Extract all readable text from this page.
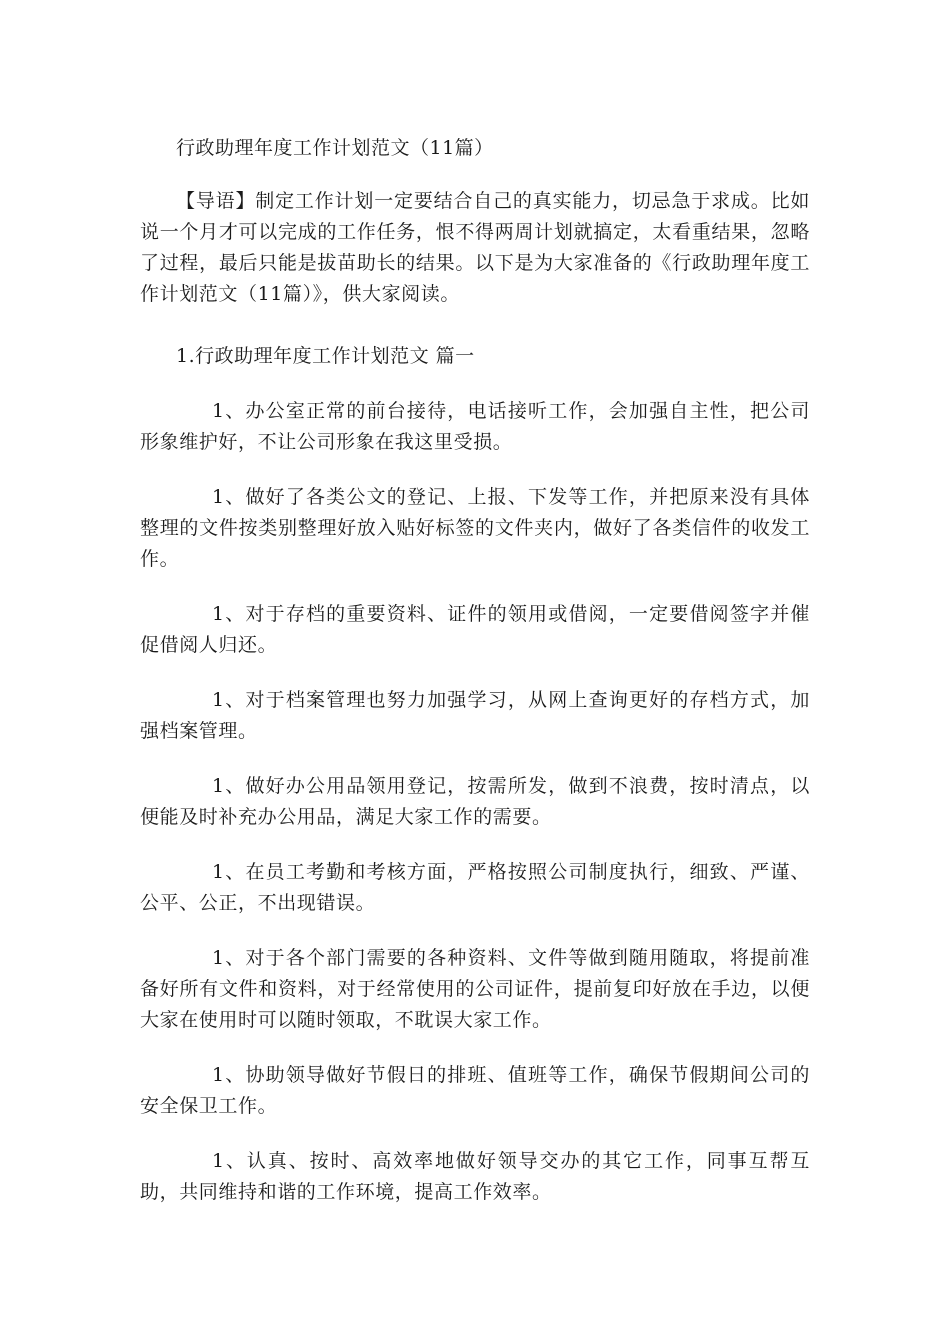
行政助理年度工作计划范文（11篇）

【导语】制定工作计划一定要结合自己的真实能力，切忌急于求成。比如说一个月才可以完成的工作任务，恨不得两周计划就搞定，太看重结果，忽略了过程，最后只能是拔苗助长的结果。以下是为大家准备的《行政助理年度工作计划范文（11篇）》，供大家阅读。

1.行政助理年度工作计划范文 篇一

1、办公室正常的前台接待，电话接听工作，会加强自主性，把公司形象维护好，不让公司形象在我这里受损。

1、做好了各类公文的登记、上报、下发等工作，并把原来没有具体整理的文件按类别整理好放入贴好标签的文件夹内，做好了各类信件的收发工作。

1、对于存档的重要资料、证件的领用或借阅，一定要借阅签字并催促借阅人归还。

1、对于档案管理也努力加强学习，从网上查询更好的存档方式，加强档案管理。

1、做好办公用品领用登记，按需所发，做到不浪费，按时清点，以便能及时补充办公用品，满足大家工作的需要。

1、在员工考勤和考核方面，严格按照公司制度执行，细致、严谨、公平、公正，不出现错误。

1、对于各个部门需要的各种资料、文件等做到随用随取，将提前准备好所有文件和资料，对于经常使用的公司证件，提前复印好放在手边，以便大家在使用时可以随时领取，不耽误大家工作。

1、协助领导做好节假日的排班、值班等工作，确保节假期间公司的安全保卫工作。

1、认真、按时、高效率地做好领导交办的其它工作，同事互帮互助，共同维持和谐的工作环境，提高工作效率。
